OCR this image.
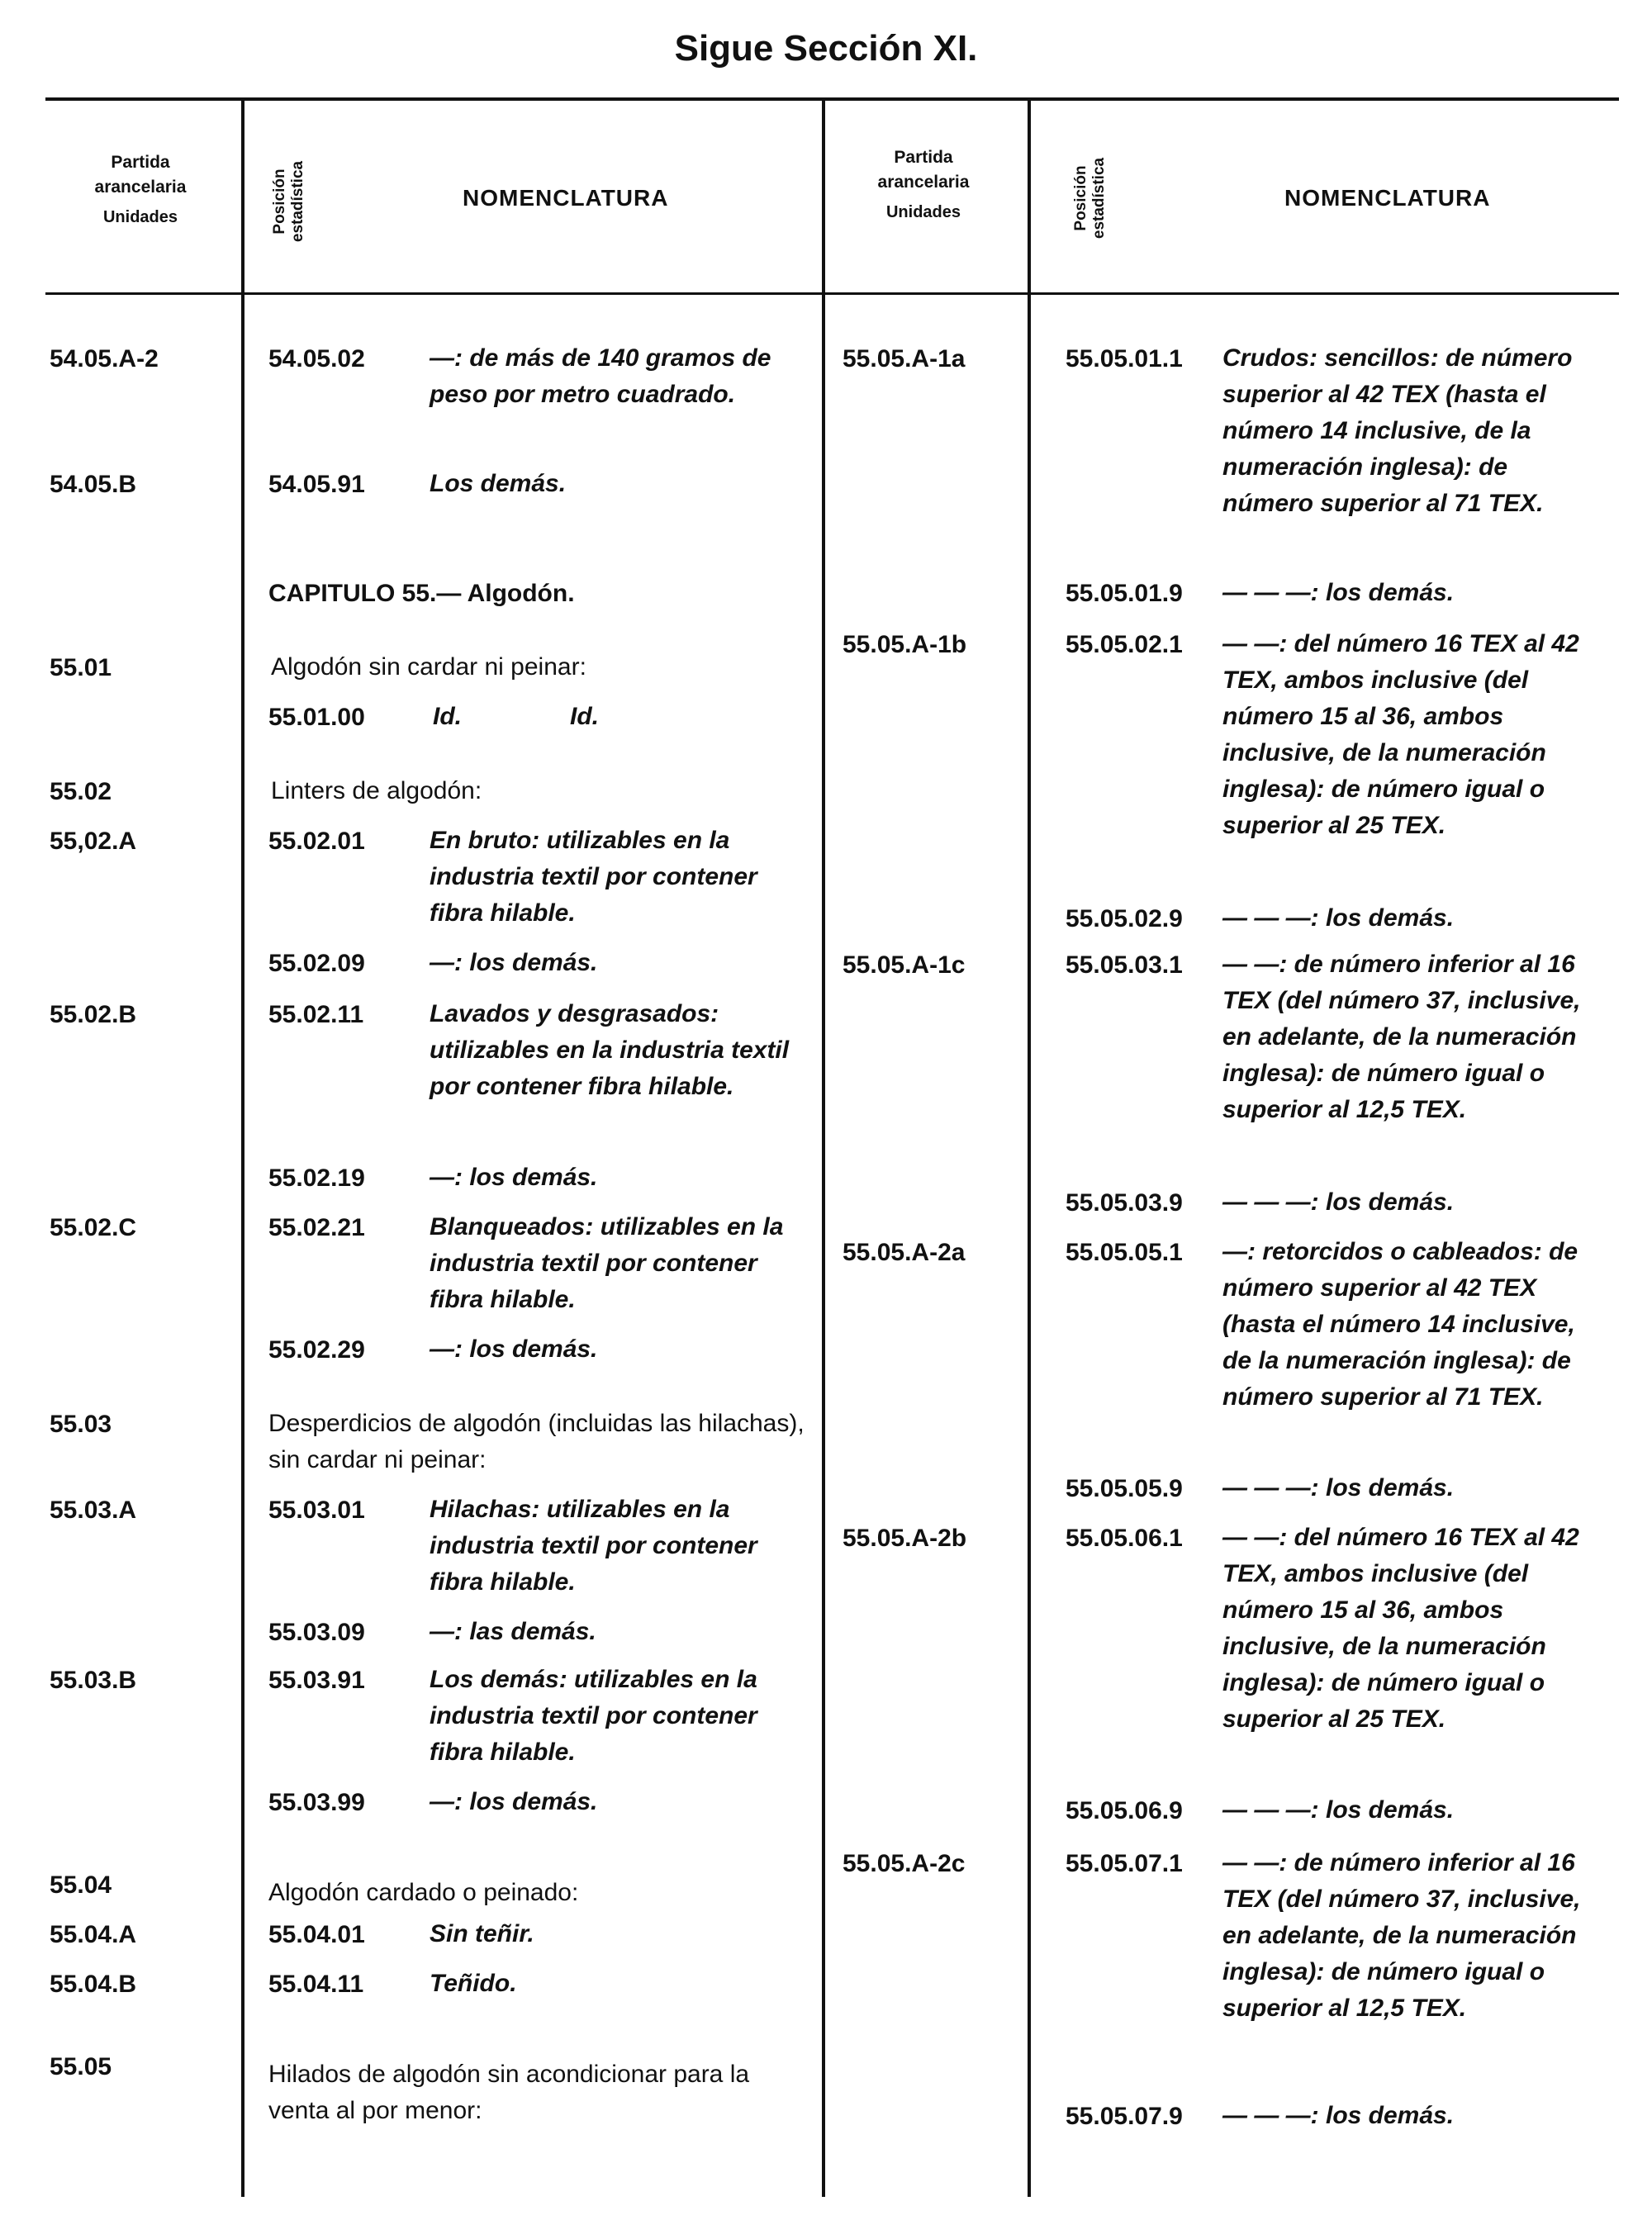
Sigue Sección XI.
Partida
arancelaria
Unidades	Posición estadística	NOMENCLATURA
Partida
arancelaria
Unidades	Posición estadística	NOMENCLATURA
54.05.A-2	54.05.02	—: de más de 140 gramos de peso por metro cuadrado.
54.05.B	54.05.91	Los demás.
CAPITULO 55.— Algodón.
55.01	Algodón sin cardar ni peinar:
55.01.00	Id.	Id.
55.02	Linters de algodón:
55,02.A	55.02.01	En bruto: utilizables en la industria textil por contener fibra hilable.
55.02.09	—: los demás.
55.02.B	55.02.11	Lavados y desgrasados: utilizables en la industria textil por contener fibra hilable.
55.02.19	—: los demás.
55.02.C	55.02.21	Blanqueados: utilizables en la industria textil por contener fibra hilable.
55.02.29	—: los demás.
55.03	Desperdicios de algodón (incluidas las hilachas), sin cardar ni peinar:
55.03.A	55.03.01	Hilachas: utilizables en la industria textil por contener fibra hilable.
55.03.09	—: las demás.
55.03.B	55.03.91	Los demás: utilizables en la industria textil por contener fibra hilable.
55.03.99	—: los demás.
55.04	Algodón cardado o peinado:
55.04.A	55.04.01	Sin teñir.
55.04.B	55.04.11	Teñido.
55.05	Hilados de algodón sin acondicionar para la venta al por menor:
55.05.A-1a	55.05.01.1 Crudos: sencillos: de número superior al 42 TEX (hasta el número 14 inclusive, de la numeración inglesa): de número superior al 71 TEX.
55.05.01.9 — — —: los demás.
55.05.A-1b	55.05.02.1 — —: del número 16 TEX al 42 TEX, ambos inclusive (del número 15 al 36, ambos inclusive, de la numeración inglesa): de número igual o superior al 25 TEX.
55.05.02.9 — — —: los demás.
55.05.A-1c	55.05.03.1 — —: de número inferior al 16 TEX (del número 37, inclusive, en adelante, de la numeración inglesa): de número igual o superior al 12,5 TEX.
55.05.03.9 — — —: los demás.
55.05.A-2a	55.05.05.1 —: retorcidos o cableados: de número superior al 42 TEX (hasta el número 14 inclusive, de la numeración inglesa): de número superior al 71 TEX.
55.05.05.9 — — —: los demás.
55.05.A-2b	55.05.06.1 — —: del número 16 TEX al 42 TEX, ambos inclusive (del número 15 al 36, ambos inclusive, de la numeración inglesa): de número igual o superior al 25 TEX.
55.05.06.9 — — —: los demás.
55.05.A-2c	55.05.07.1 — —: de número inferior al 16 TEX (del número 37, inclusive, en adelante, de la numeración inglesa): de número igual o superior al 12,5 TEX.
55.05.07.9 — — —: los demás.
